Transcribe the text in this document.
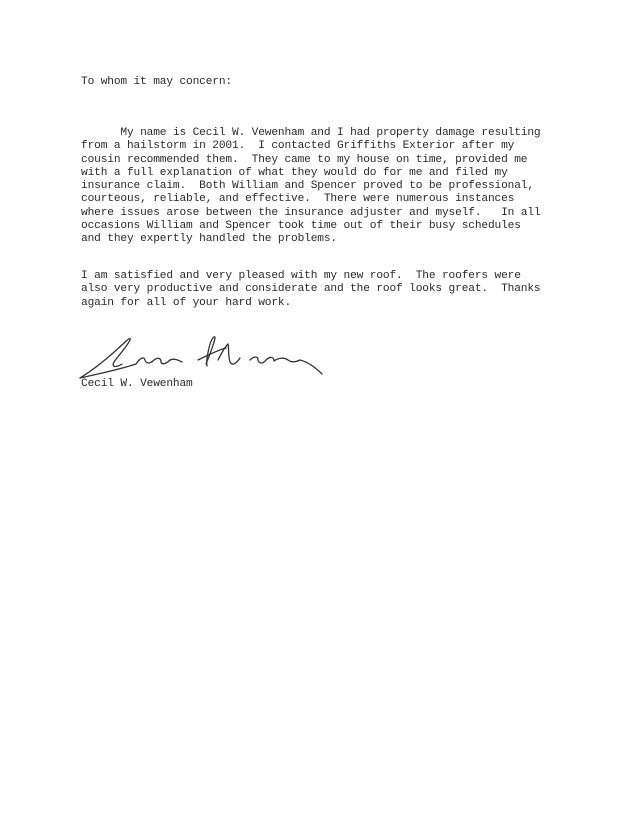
To whom it may concern:

My name is Cecil W. Vewenham and I had property damage resulting
from a hailstorm in 2001.  I contacted Griffiths Exterior after my
cousin recommended them.  They came to my house on time, provided me
with a full explanation of what they would do for me and filed my
insurance claim.  Both William and Spencer proved to be professional,
courteous, reliable, and effective.  There were numerous instances
where issues arose between the insurance adjuster and myself.   In all
occasions William and Spencer took time out of their busy schedules
and they expertly handled the problems.

I am satisfied and very pleased with my new roof.  The roofers were
also very productive and considerate and the roof looks great.  Thanks
again for all of your hard work.

Cecil W. Vewenham
